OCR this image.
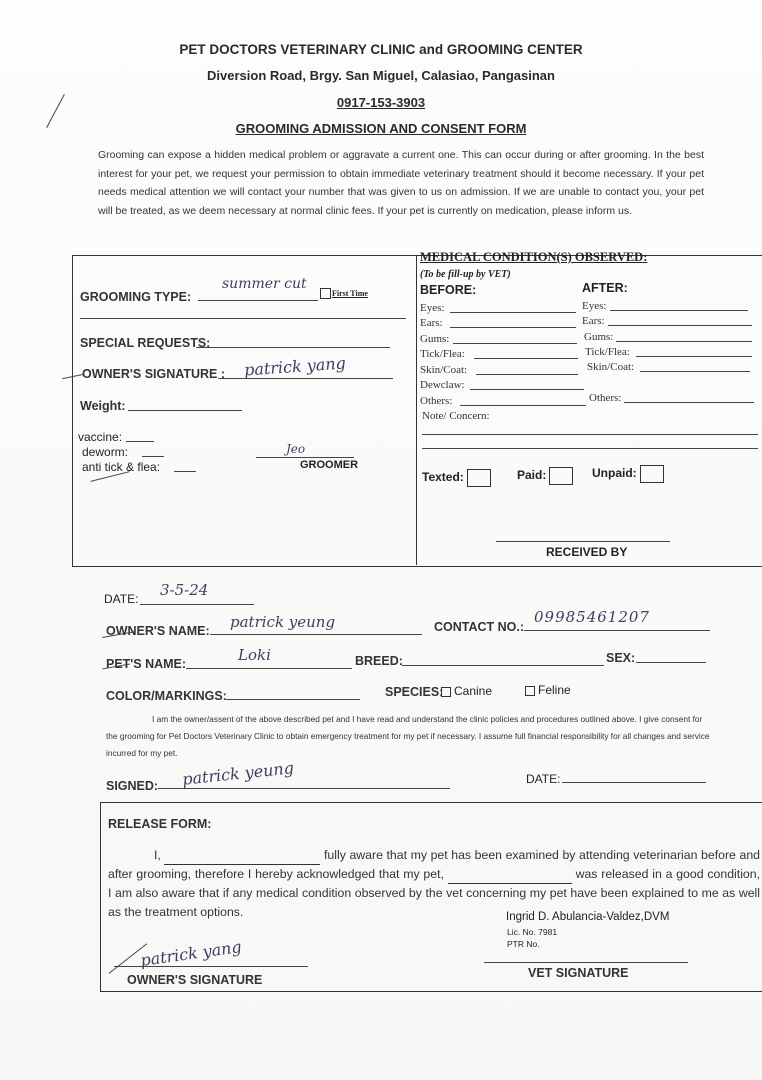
PET DOCTORS VETERINARY CLINIC and GROOMING CENTER
Diversion Road, Brgy. San Miguel, Calasiao, Pangasinan
0917-153-3903
GROOMING ADMISSION AND CONSENT FORM
Grooming can expose a hidden medical problem or aggravate a current one. This can occur during or after grooming. In the best interest for your pet, we request your permission to obtain immediate veterinary treatment should it become necessary. If your pet needs medical attention we will contact your number that was given to us on admission. If we are unable to contact you, your pet will be treated, as we deem necessary at normal clinic fees. If your pet is currently on medication, please inform us.
GROOMING TYPE:
summer cut
First Time
SPECIAL REQUESTS:
OWNER'S SIGNATURE : patrick yang
Weight:
vaccine:
deworm:
anti tick & flea:
Jeo
GROOMER
MEDICAL CONDITION(S) OBSERVED:
(To be fill-up by VET)
BEFORE:	AFTER:
Eyes:
Ears:
Gums:
Tick/Flea:
Skin/Coat:
Dewclaw:
Others:
Note/ Concern:
Eyes:
Ears:
Gums:
Tick/Flea:
Skin/Coat:
Others:
Texted:	Paid:	Unpaid:
RECEIVED BY
DATE: 3-5-24
OWNER'S NAME: patrick yeung	CONTACT NO.:
09985461207
PET'S NAME:	Loki	BREED:	SEX:
COLOR/MARKINGS:	SPECIES: Canine	Feline
I am the owner/assent of the above described pet and I have read and understand the clinic policies and procedures outlined above. I give consent for the grooming for Pet Doctors Veterinary Clinic to obtain emergency treatment for my pet if necessary. I assume full financial responsibility for all changes and service incurred for my pet.
SIGNED: patrick yeung	DATE:
RELEASE FORM:
I,	fully aware that my pet has been examined by attending veterinarian before and after grooming, therefore I hereby acknowledged that my pet,	was released in a good condition, I am also aware that if any medical condition observed by the vet concerning my pet have been explained to me as well as the treatment options.	Ingrid D. Abulancia-Valdez,DVM
Lic. No. 7981
PTR No.
patrick yang
OWNER'S SIGNATURE	VET SIGNATURE
